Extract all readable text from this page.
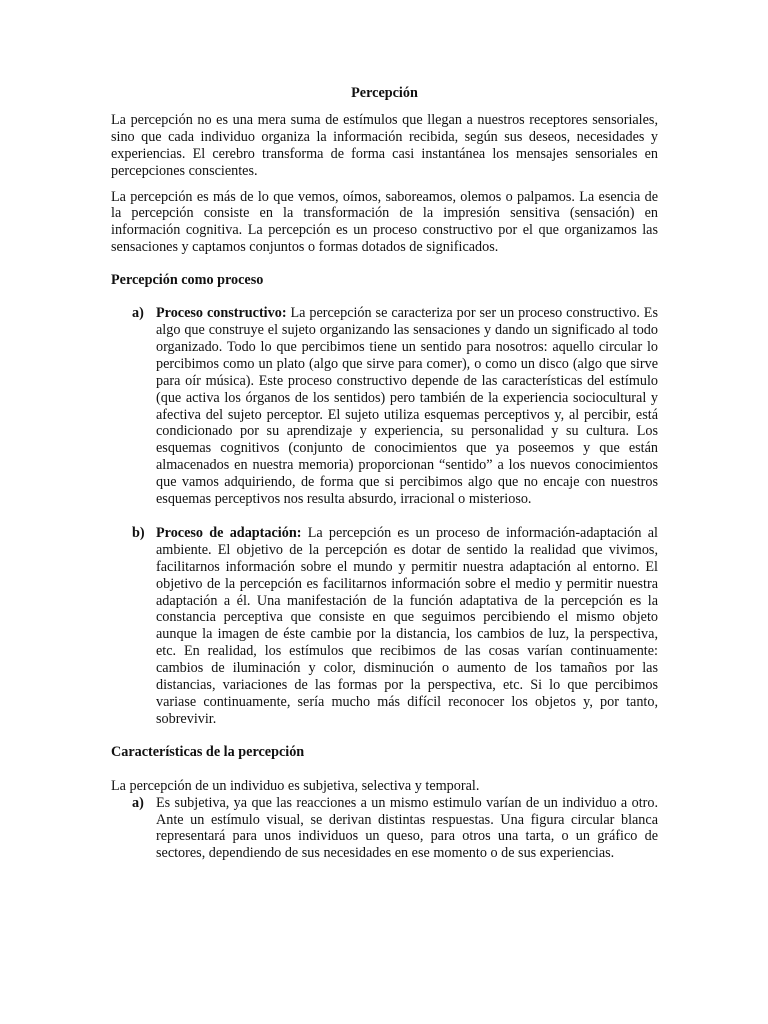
Percepción

La percepción no es una mera suma de estímulos que llegan a nuestros receptores sensoriales, sino que cada individuo organiza la información recibida, según sus deseos, necesidades y experiencias. El cerebro transforma de forma casi instantánea los mensajes sensoriales en percepciones conscientes.

La percepción es más de lo que vemos, oímos, saboreamos, olemos o palpamos. La esencia de la percepción consiste en la transformación de la impresión sensitiva (sensación) en información cognitiva. La percepción es un proceso constructivo por el que organizamos las sensaciones y captamos conjuntos o formas dotados de significados.

Percepción como proceso
a) Proceso constructivo: La percepción se caracteriza por ser un proceso constructivo. Es algo que construye el sujeto organizando las sensaciones y dando un significado al todo organizado. Todo lo que percibimos tiene un sentido para nosotros: aquello circular lo percibimos como un plato (algo que sirve para comer), o como un disco (algo que sirve para oír música). Este proceso constructivo depende de las características del estímulo (que activa los órganos de los sentidos) pero también de la experiencia sociocultural y afectiva del sujeto perceptor. El sujeto utiliza esquemas perceptivos y, al percibir, está condicionado por su aprendizaje y experiencia, su personalidad y su cultura. Los esquemas cognitivos (conjunto de conocimientos que ya poseemos y que están almacenados en nuestra memoria) proporcionan “sentido” a los nuevos conocimientos que vamos adquiriendo, de forma que si percibimos algo que no encaje con nuestros esquemas perceptivos nos resulta absurdo, irracional o misterioso.
b) Proceso de adaptación: La percepción es un proceso de información-adaptación al ambiente. El objetivo de la percepción es dotar de sentido la realidad que vivimos, facilitarnos información sobre el mundo y permitir nuestra adaptación al entorno. El objetivo de la percepción es facilitarnos información sobre el medio y permitir nuestra adaptación a él. Una manifestación de la función adaptativa de la percepción es la constancia perceptiva que consiste en que seguimos percibiendo el mismo objeto aunque la imagen de éste cambie por la distancia, los cambios de luz, la perspectiva, etc. En realidad, los estímulos que recibimos de las cosas varían continuamente: cambios de iluminación y color, disminución o aumento de los tamaños por las distancias, variaciones de las formas por la perspectiva, etc. Si lo que percibimos variase continuamente, sería mucho más difícil reconocer los objetos y, por tanto, sobrevivir.
Características de la percepción

La percepción de un individuo es subjetiva, selectiva y temporal.

a) Es subjetiva, ya que las reacciones a un mismo estimulo varían de un individuo a otro. Ante un estímulo visual, se derivan distintas respuestas. Una figura circular blanca representará para unos individuos un queso, para otros una tarta, o un gráfico de sectores, dependiendo de sus necesidades en ese momento o de sus experiencias.
